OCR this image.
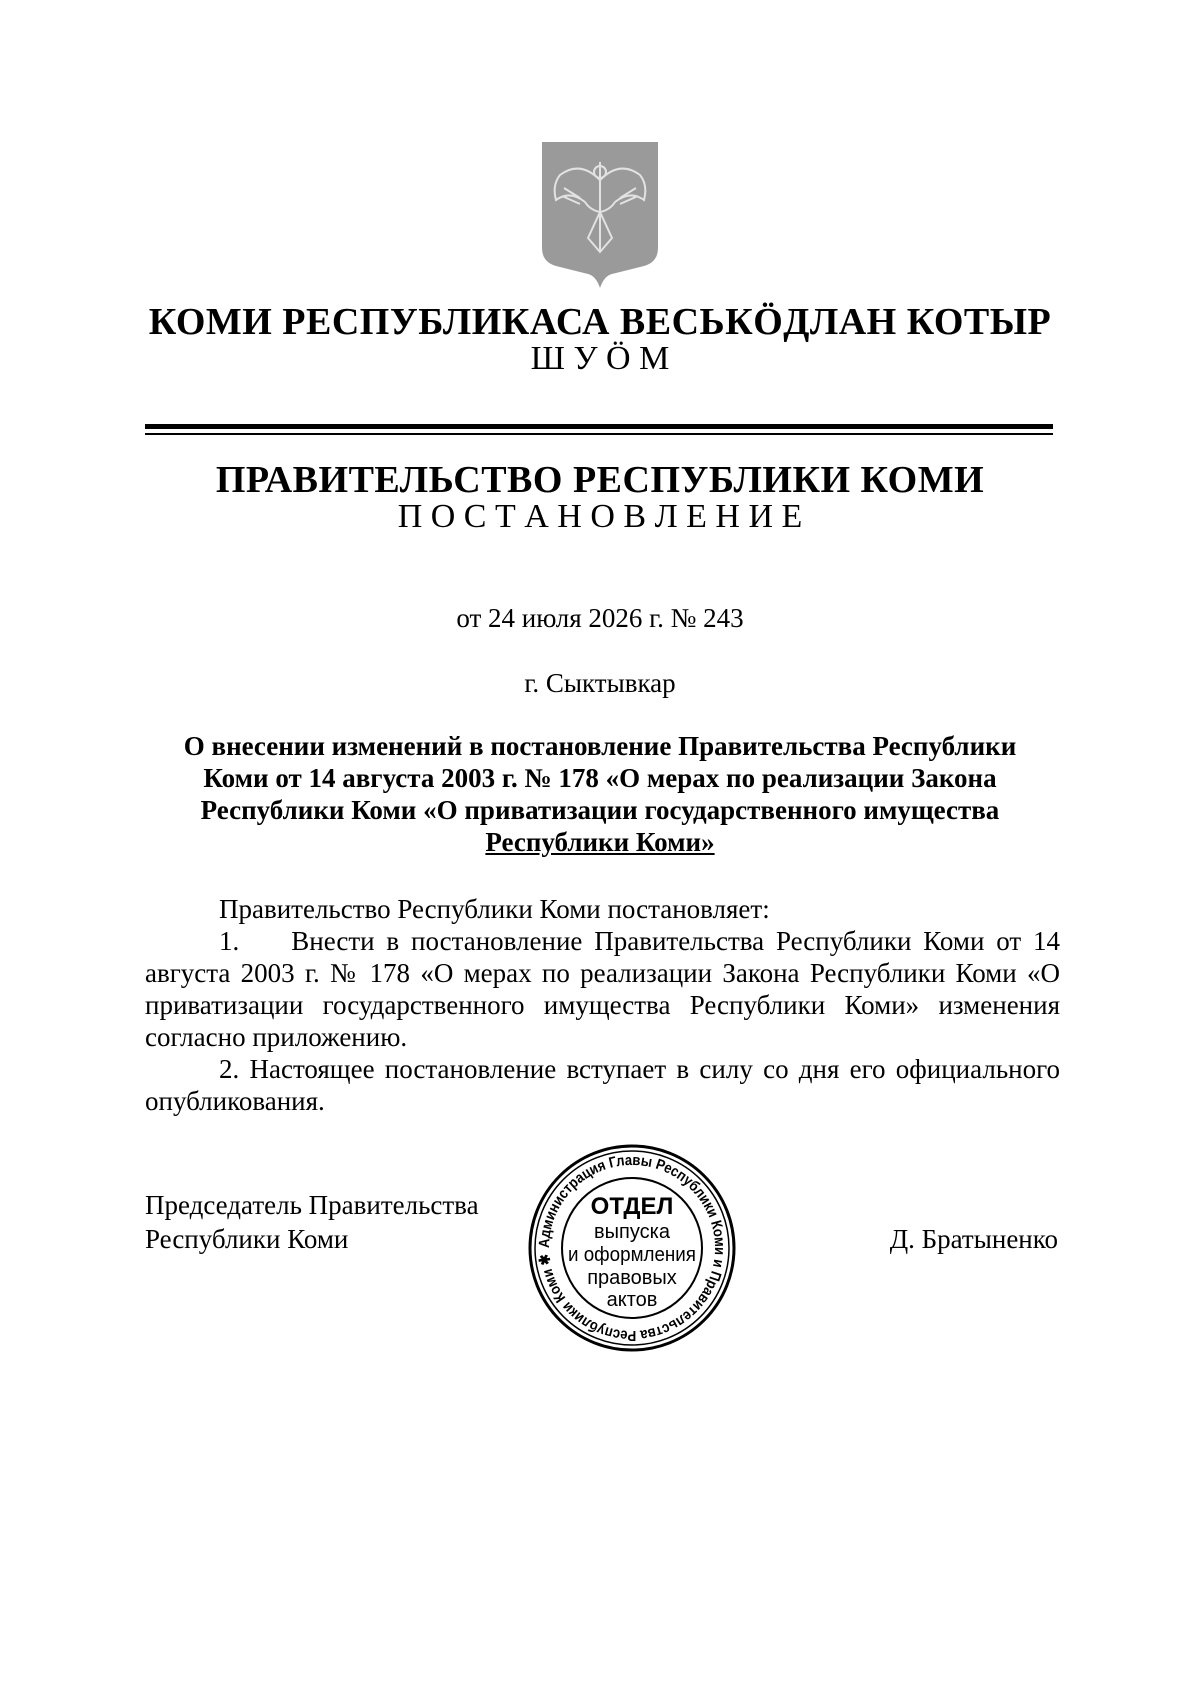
КОМИ РЕСПУБЛИКАСА ВЕСЬКӦДЛАН КОТЫР
Ш У Ӧ М
ПРАВИТЕЛЬСТВО РЕСПУБЛИКИ КОМИ
П О С Т А Н О В Л Е Н И Е
от 24 июля 2026 г. № 243
г. Сыктывкар
О внесении изменений в постановление Правительства Республики
Коми от 14 августа 2003 г. № 178 «О мерах по реализации Закона
Республики Коми «О приватизации государственного имущества
Республики Коми»

Правительство Республики Коми постановляет:

1. Внести в постановление Правительства Республики Коми от 14 августа 2003 г. № 178 «О мерах по реализации Закона Республики Коми «О приватизации государственного имущества Республики Коми» изменения согласно приложению.

2. Настоящее постановление вступает в силу со дня его официального опубликования.

Председатель Правительства
Республики Коми	Администрация Главы Республики Коми и Правительства Республики Коми ✱
ОТДЕЛ
выпуска
и оформления
правовых
актов
Д. Братыненко
